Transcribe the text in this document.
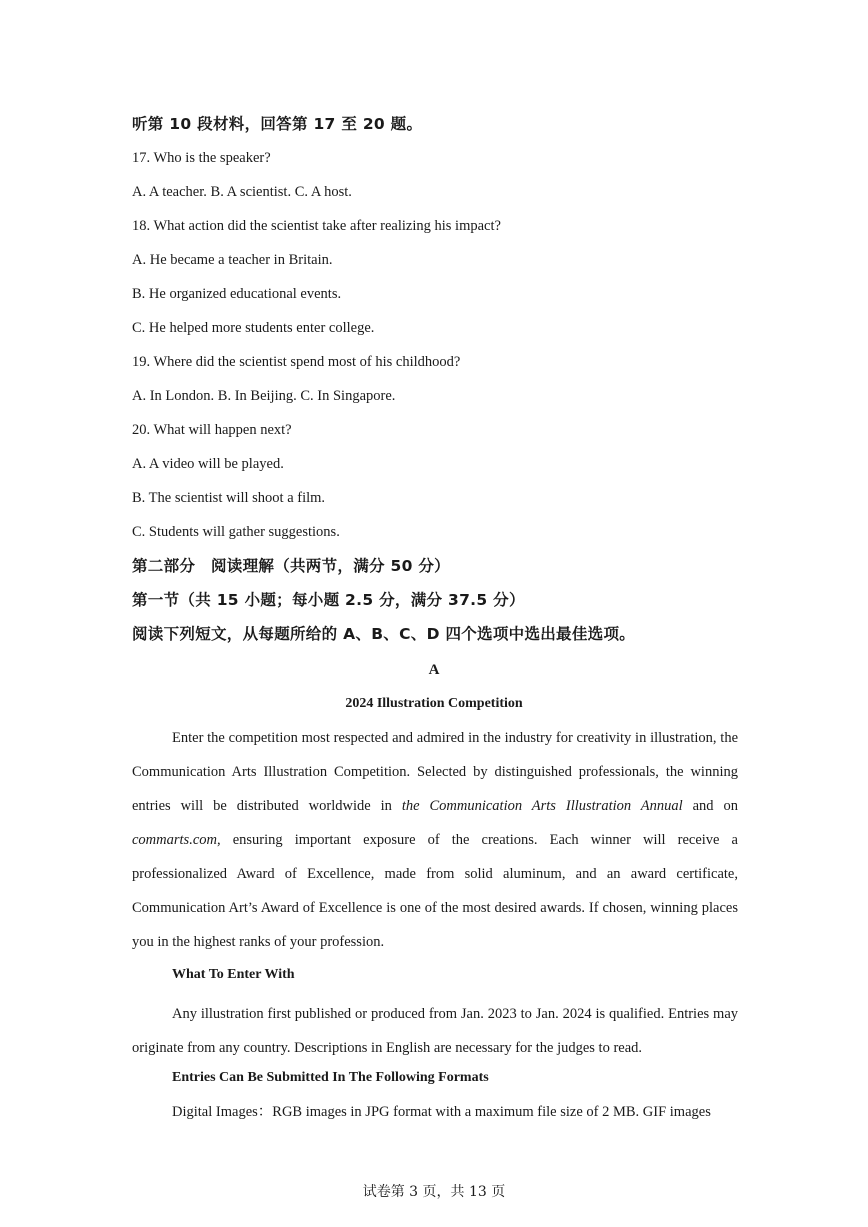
听第 10 段材料，回答第 17 至 20 题。
17. Who is the speaker?
A. A teacher. B. A scientist. C. A host.
18. What action did the scientist take after realizing his impact?
A. He became a teacher in Britain.
B. He organized educational events.
C. He helped more students enter college.
19. Where did the scientist spend most of his childhood?
A. In London. B. In Beijing. C. In Singapore.
20. What will happen next?
A. A video will be played.
B. The scientist will shoot a film.
C. Students will gather suggestions.
第二部分　阅读理解（共两节，满分 50 分）
第一节（共 15 小题；每小题 2.5 分，满分 37.5 分）
阅读下列短文，从每题所给的 A、B、C、D 四个选项中选出最佳选项。
A
2024 Illustration Competition
Enter the competition most respected and admired in the industry for creativity in illustration, the Communication Arts Illustration Competition. Selected by distinguished professionals, the winning entries will be distributed worldwide in the Communication Arts Illustration Annual and on commarts.com, ensuring important exposure of the creations. Each winner will receive a professionalized Award of Excellence, made from solid aluminum, and an award certificate, Communication Art’s Award of Excellence is one of the most desired awards. If chosen, winning places you in the highest ranks of your profession.
What To Enter With
Any illustration first published or produced from Jan. 2023 to Jan. 2024 is qualified. Entries may originate from any country. Descriptions in English are necessary for the judges to read.
Entries Can Be Submitted In The Following Formats
Digital Images：RGB images in JPG format with a maximum file size of 2 MB. GIF images
试卷第 3 页，共 13 页
